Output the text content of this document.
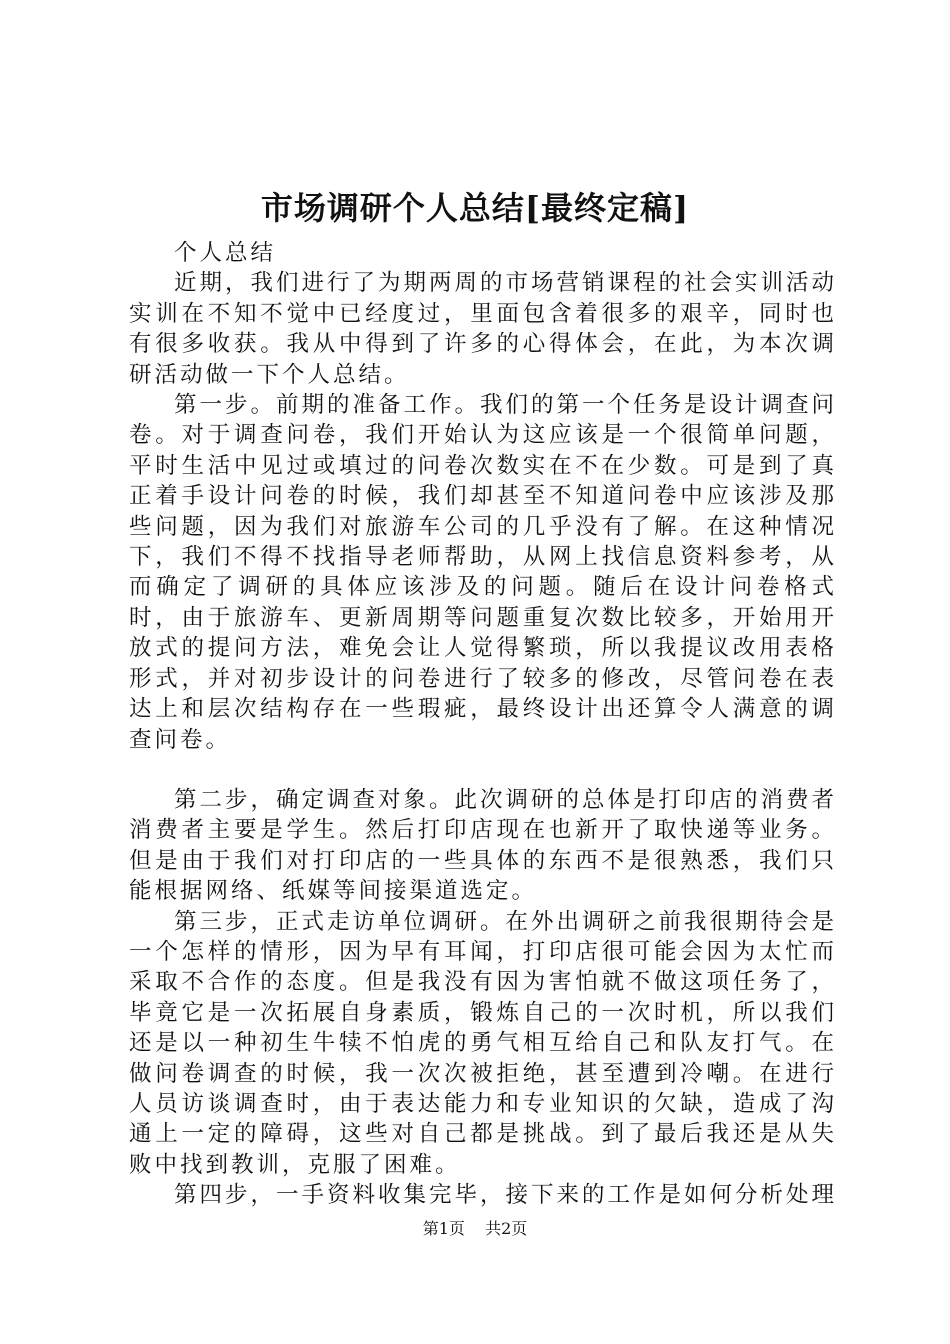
市场调研个人总结[最终定稿]

个人总结

近期，我们进行了为期两周的市场营销课程的社会实训活动实训在不知不觉中已经度过，里面包含着很多的艰辛，同时也有很多收获。我从中得到了许多的心得体会，在此，为本次调研活动做一下个人总结。

第一步。前期的准备工作。我们的第一个任务是设计调查问卷。对于调查问卷，我们开始认为这应该是一个很简单问题，平时生活中见过或填过的问卷次数实在不在少数。可是到了真正着手设计问卷的时候，我们却甚至不知道问卷中应该涉及那些问题，因为我们对旅游车公司的几乎没有了解。在这种情况下，我们不得不找指导老师帮助，从网上找信息资料参考，从而确定了调研的具体应该涉及的问题。随后在设计问卷格式时，由于旅游车、更新周期等问题重复次数比较多，开始用开放式的提问方法，难免会让人觉得繁琐，所以我提议改用表格形式，并对初步设计的问卷进行了较多的修改，尽管问卷在表达上和层次结构存在一些瑕疵，最终设计出还算令人满意的调查问卷。

第二步，确定调查对象。此次调研的总体是打印店的消费者消费者主要是学生。然后打印店现在也新开了取快递等业务。但是由于我们对打印店的一些具体的东西不是很熟悉，我们只能根据网络、纸媒等间接渠道选定。

第三步，正式走访单位调研。在外出调研之前我很期待会是一个怎样的情形，因为早有耳闻，打印店很可能会因为太忙而采取不合作的态度。但是我没有因为害怕就不做这项任务了，毕竟它是一次拓展自身素质，锻炼自己的一次时机，所以我们还是以一种初生牛犊不怕虎的勇气相互给自己和队友打气。在做问卷调查的时候，我一次次被拒绝，甚至遭到冷嘲。在进行人员访谈调查时，由于表达能力和专业知识的欠缺，造成了沟通上一定的障碍，这些对自己都是挑战。到了最后我还是从失败中找到教训，克服了困难。

第四步，一手资料收集完毕，接下来的工作是如何分析处理

第1页 共2页
